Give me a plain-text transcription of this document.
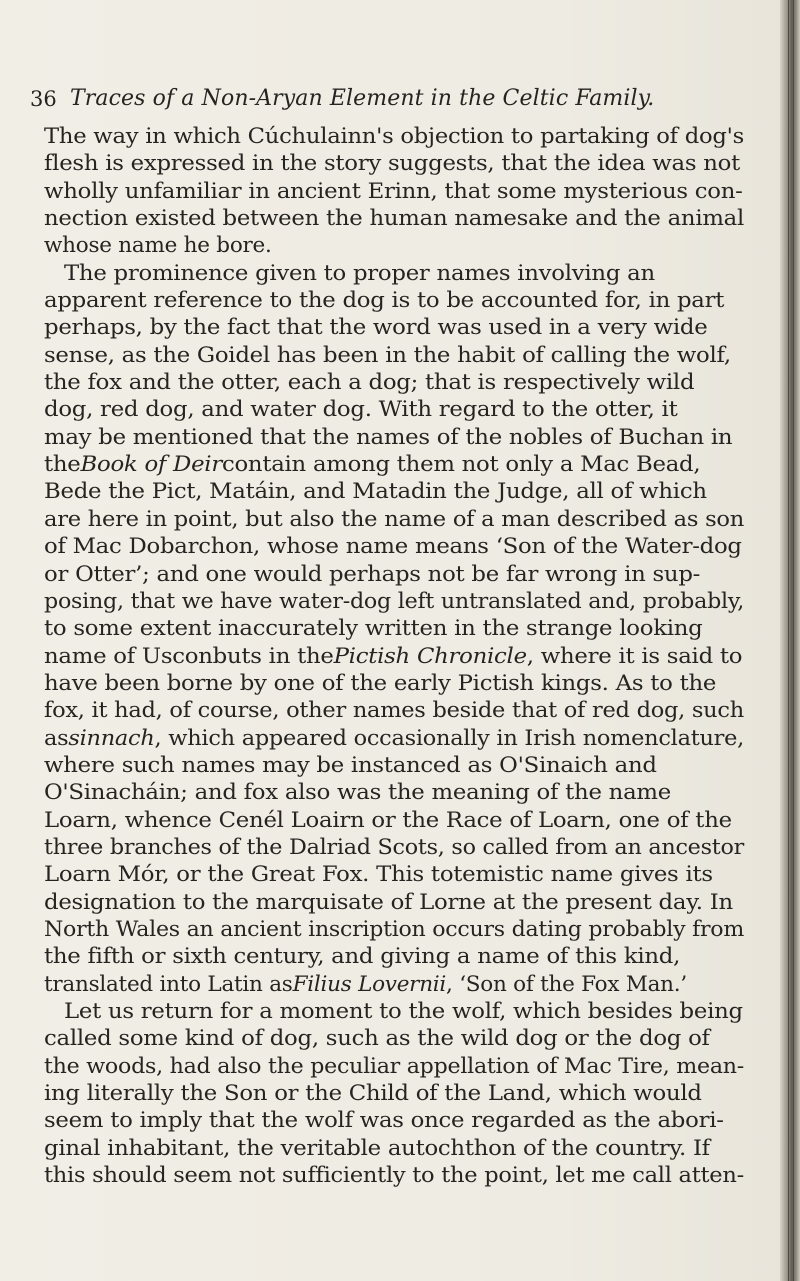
36 Traces of a Non-Aryan Element in the Celtic Family.
The way in which Cúchulainn's objection to partaking of dog's
flesh is expressed in the story suggests, that the idea was not
wholly unfamiliar in ancient Erinn, that some mysterious con-
nection existed between the human namesake and the animal
whose name he bore.
The prominence given to proper names involving an
apparent reference to the dog is to be accounted for, in part
perhaps, by the fact that the word was used in a very wide
sense, as the Goidel has been in the habit of calling the wolf,
the fox and the otter, each a dog; that is respectively wild
dog, red dog, and water dog. With regard to the otter, it
may be mentioned that the names of the nobles of Buchan in
theBook of Deircontain among them not only a Mac Bead,
Bede the Pict, Matáin, and Matadin the Judge, all of which
are here in point, but also the name of a man described as son
of Mac Dobarchon, whose name means ‘Son of the Water-dog
or Otter’; and one would perhaps not be far wrong in sup-
posing, that we have water-dog left untranslated and, probably,
to some extent inaccurately written in the strange looking
name of Usconbuts in thePictish Chronicle, where it is said to
have been borne by one of the early Pictish kings. As to the
fox, it had, of course, other names beside that of red dog, such
assinnach, which appeared occasionally in Irish nomenclature,
where such names may be instanced as O'Sinaich and
O'Sinacháin; and fox also was the meaning of the name
Loarn, whence Cenél Loairn or the Race of Loarn, one of the
three branches of the Dalriad Scots, so called from an ancestor
Loarn Mór, or the Great Fox. This totemistic name gives its
designation to the marquisate of Lorne at the present day. In
North Wales an ancient inscription occurs dating probably from
the fifth or sixth century, and giving a name of this kind,
translated into Latin asFilius Lovernii, ‘Son of the Fox Man.’
Let us return for a moment to the wolf, which besides being
called some kind of dog, such as the wild dog or the dog of
the woods, had also the peculiar appellation of Mac Tire, mean-
ing literally the Son or the Child of the Land, which would
seem to imply that the wolf was once regarded as the abori-
ginal inhabitant, the veritable autochthon of the country. If
this should seem not sufficiently to the point, let me call atten-
